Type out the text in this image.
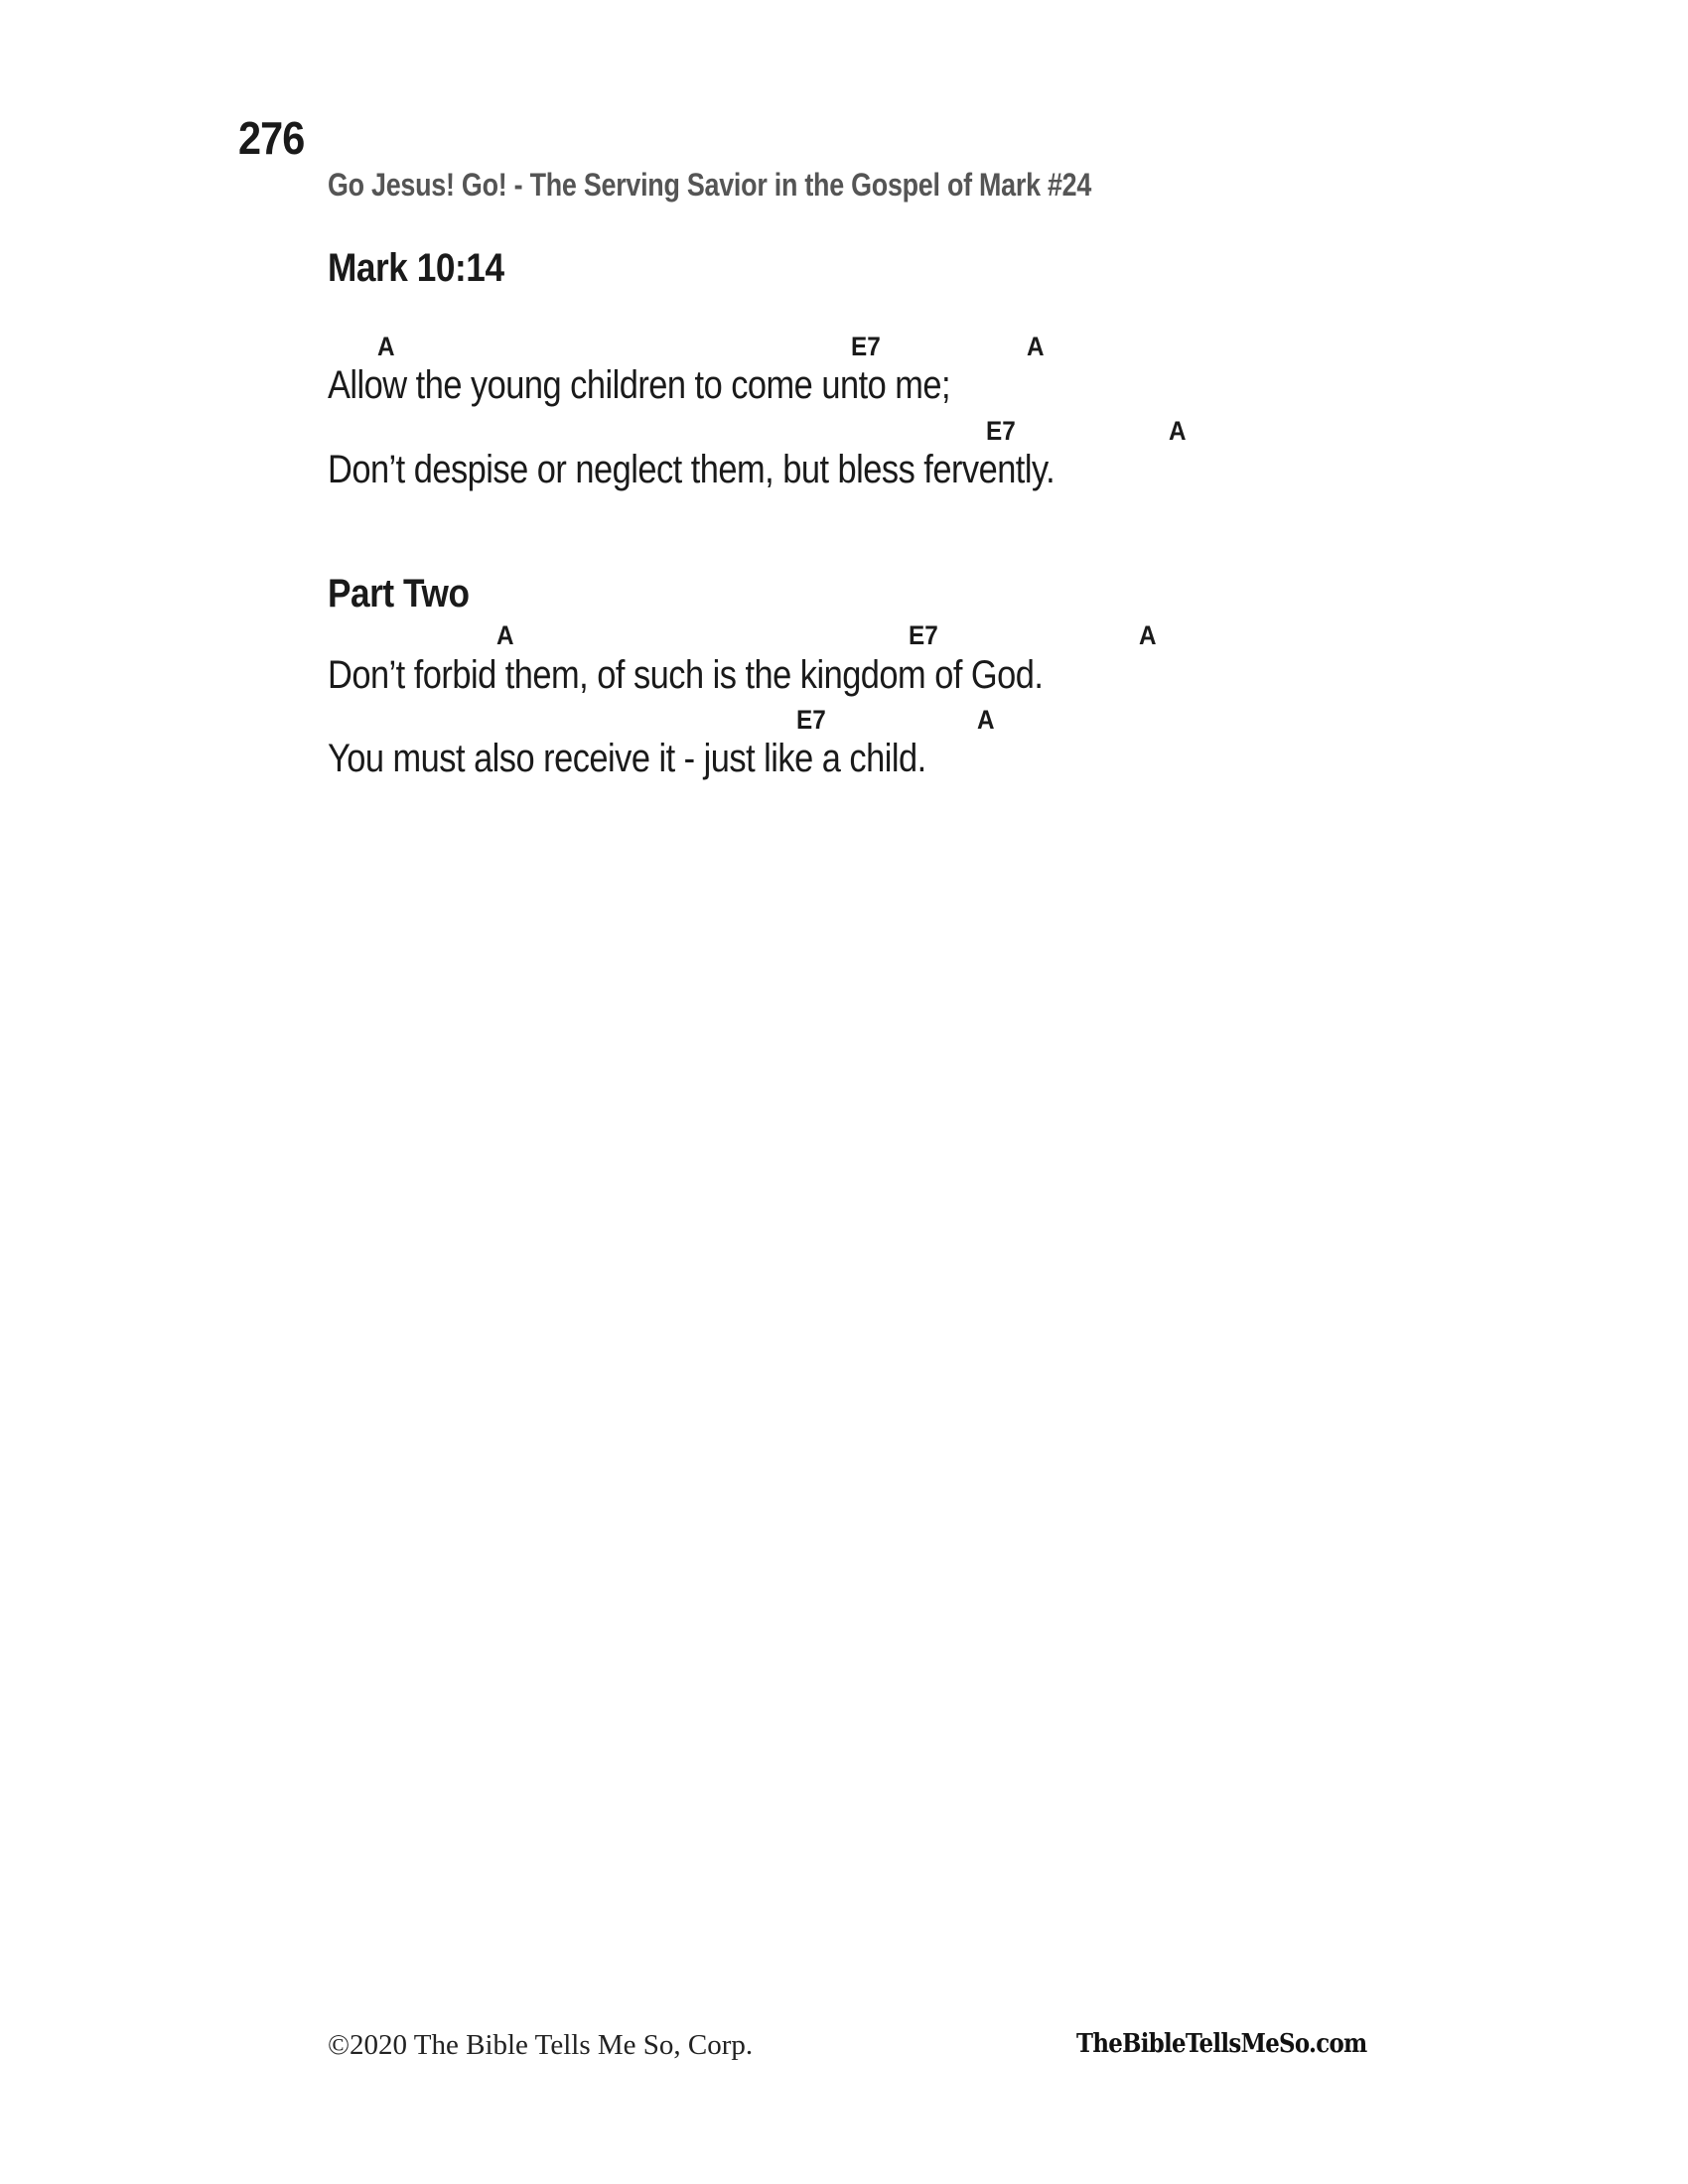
276
Go Jesus! Go! - The Serving Savior in the Gospel of Mark #24
Mark 10:14
A	E7	A
Allow the young children to come unto me;
E7	A
Don’t despise or neglect them, but bless fervently.
Part Two
A	E7	A
Don’t forbid them, of such is the kingdom of God.
E7	A
You must also receive it - just like a child.
©2020 The Bible Tells Me So, Corp.	TheBibleTellsMeSo.com
